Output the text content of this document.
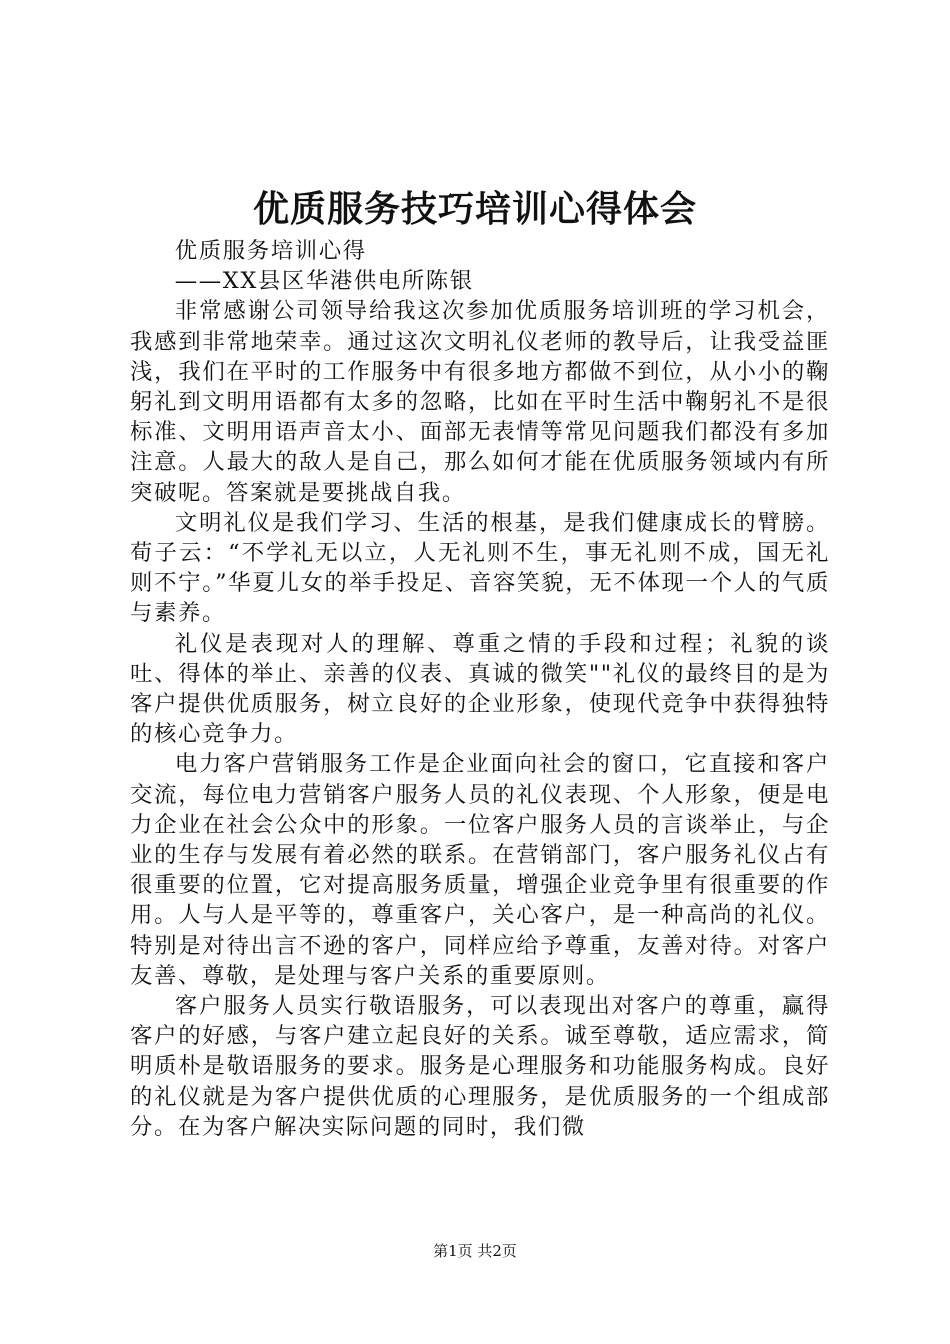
优质服务技巧培训心得体会

优质服务培训心得

——XX县区华港供电所陈银

非常感谢公司领导给我这次参加优质服务培训班的学习机会，我感到非常地荣幸。通过这次文明礼仪老师的教导后，让我受益匪浅，我们在平时的工作服务中有很多地方都做不到位，从小小的鞠躬礼到文明用语都有太多的忽略，比如在平时生活中鞠躬礼不是很标准、文明用语声音太小、面部无表情等常见问题我们都没有多加注意。人最大的敌人是自己，那么如何才能在优质服务领域内有所突破呢。答案就是要挑战自我。

文明礼仪是我们学习、生活的根基，是我们健康成长的臂膀。荀子云：“不学礼无以立，人无礼则不生，事无礼则不成，国无礼则不宁。”华夏儿女的举手投足、音容笑貌，无不体现一个人的气质与素养。

礼仪是表现对人的理解、尊重之情的手段和过程；礼貌的谈吐、得体的举止、亲善的仪表、真诚的微笑""礼仪的最终目的是为客户提供优质服务，树立良好的企业形象，使现代竞争中获得独特的核心竞争力。

电力客户营销服务工作是企业面向社会的窗口，它直接和客户交流，每位电力营销客户服务人员的礼仪表现、个人形象，便是电力企业在社会公众中的形象。一位客户服务人员的言谈举止，与企业的生存与发展有着必然的联系。在营销部门，客户服务礼仪占有很重要的位置，它对提高服务质量，增强企业竞争里有很重要的作用。人与人是平等的，尊重客户，关心客户，是一种高尚的礼仪。特别是对待出言不逊的客户，同样应给予尊重，友善对待。对客户友善、尊敬，是处理与客户关系的重要原则。

客户服务人员实行敬语服务，可以表现出对客户的尊重，赢得客户的好感，与客户建立起良好的关系。诚至尊敬，适应需求，简明质朴是敬语服务的要求。服务是心理服务和功能服务构成。良好的礼仪就是为客户提供优质的心理服务，是优质服务的一个组成部分。在为客户解决实际问题的同时，我们微

第1页 共2页
